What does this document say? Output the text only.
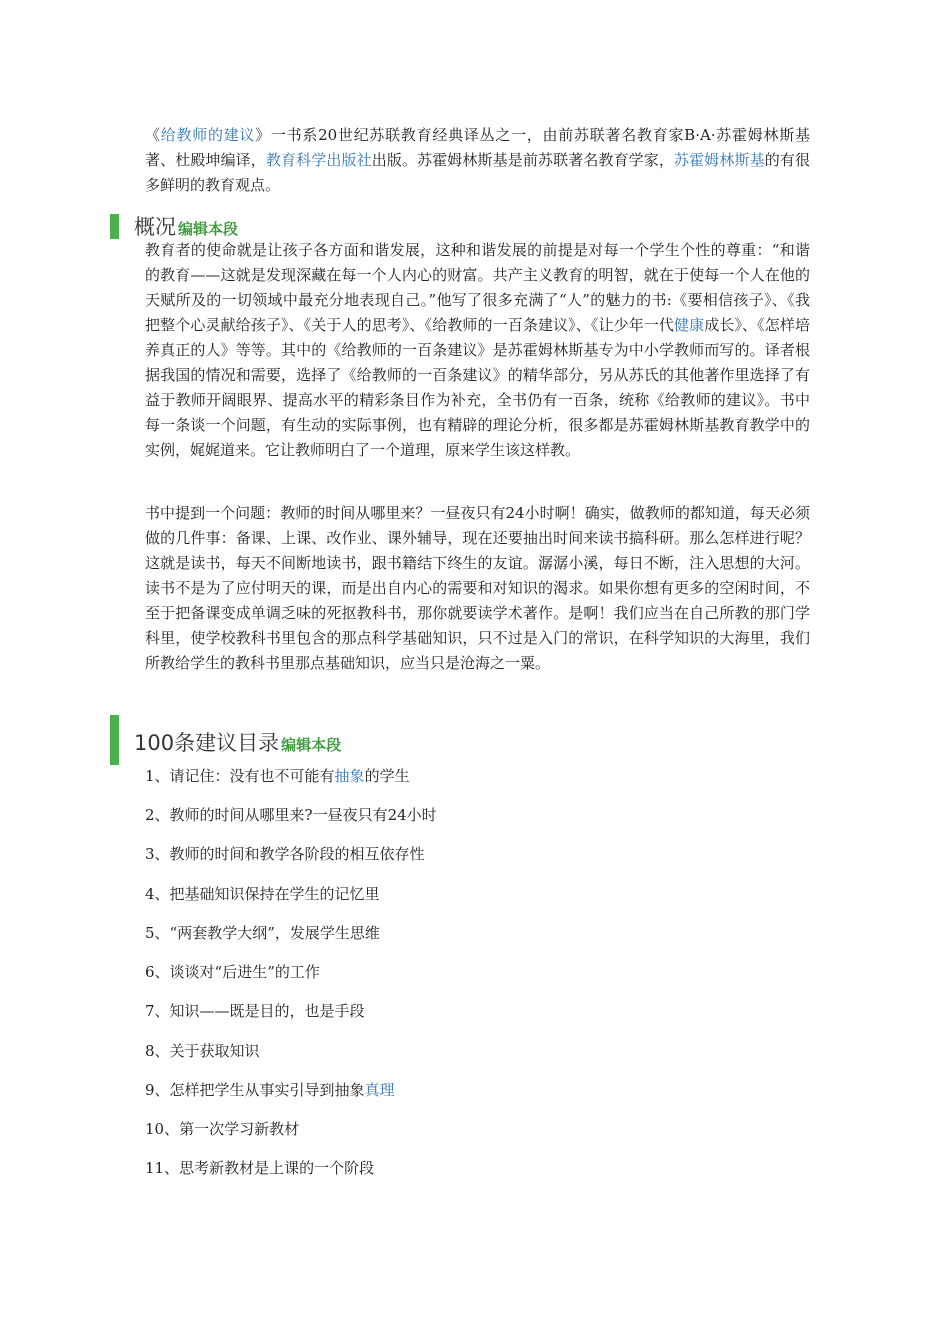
《给教师的建议》一书系20世纪苏联教育经典译丛之一，由前苏联著名教育家B·A·苏霍姆林斯基著、杜殿坤编译，教育科学出版社出版。苏霍姆林斯基是前苏联著名教育学家，苏霍姆林斯基的有很多鲜明的教育观点。

概况 编辑本段

教育者的使命就是让孩子各方面和谐发展，这种和谐发展的前提是对每一个学生个性的尊重：“和谐的教育——这就是发现深藏在每一个人内心的财富。共产主义教育的明智，就在于使每一个人在他的天赋所及的一切领域中最充分地表现自己。”他写了很多充满了“人”的魅力的书:《要相信孩子》、《我把整个心灵献给孩子》、《关于人的思考》、《给教师的一百条建议》、《让少年一代健康成长》、《怎样培养真正的人》等等。其中的《给教师的一百条建议》是苏霍姆林斯基专为中小学教师而写的。译者根据我国的情况和需要，选择了《给教师的一百条建议》的精华部分，另从苏氏的其他著作里选择了有益于教师开阔眼界、提高水平的精彩条目作为补充，全书仍有一百条，统称《给教师的建议》。书中每一条谈一个问题，有生动的实际事例，也有精辟的理论分析，很多都是苏霍姆林斯基教育教学中的实例，娓娓道来。它让教师明白了一个道理，原来学生该这样教。

书中提到一个问题：教师的时间从哪里来？一昼夜只有24小时啊！确实，做教师的都知道，每天必须做的几件事：备课、上课、改作业、课外辅导，现在还要抽出时间来读书搞科研。那么怎样进行呢？这就是读书，每天不间断地读书，跟书籍结下终生的友谊。潺潺小溪，每日不断，注入思想的大河。读书不是为了应付明天的课，而是出自内心的需要和对知识的渴求。如果你想有更多的空闲时间，不至于把备课变成单调乏味的死抠教科书，那你就要读学术著作。是啊！我们应当在自己所教的那门学科里，使学校教科书里包含的那点科学基础知识，只不过是入门的常识，在科学知识的大海里，我们所教给学生的教科书里那点基础知识，应当只是沧海之一粟。

100条建议目录 编辑本段

1、请记住：没有也不可能有抽象的学生

2、教师的时间从哪里来?一昼夜只有24小时

3、教师的时间和教学各阶段的相互依存性

4、把基础知识保持在学生的记忆里

5、“两套教学大纲”，发展学生思维

6、谈谈对“后进生”的工作

7、知识——既是目的，也是手段

8、关于获取知识

9、怎样把学生从事实引导到抽象真理

10、第一次学习新教材

11、思考新教材是上课的一个阶段
